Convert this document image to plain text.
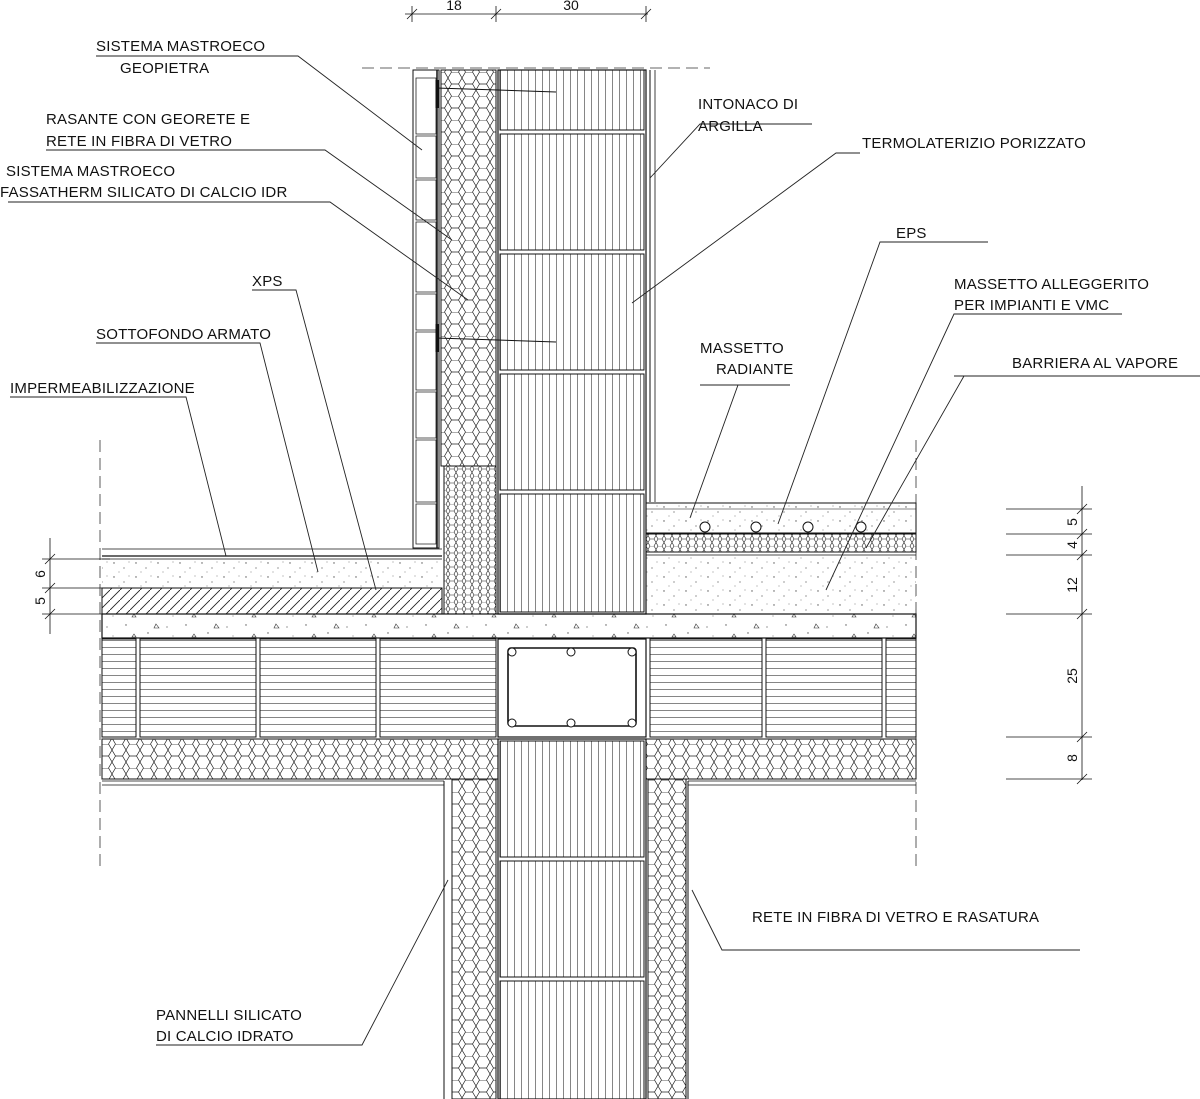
18	30
6
5
5
4
12
25
8
SISTEMA MASTROECO
GEOPIETRA
RASANTE CON GEORETE E
RETE IN FIBRA DI VETRO
SISTEMA MASTROECO
FASSATHERM SILICATO DI CALCIO IDR
XPS
SOTTOFONDO ARMATO
IMPERMEABILIZZAZIONE
INTONACO DI
ARGILLA
TERMOLATERIZIO PORIZZATO
EPS
MASSETTO ALLEGGERITO
PER IMPIANTI E VMC
MASSETTO
RADIANTE	BARRIERA AL VAPORE
RETE IN FIBRA DI VETRO E RASATURA
PANNELLI SILICATO
DI CALCIO IDRATO
